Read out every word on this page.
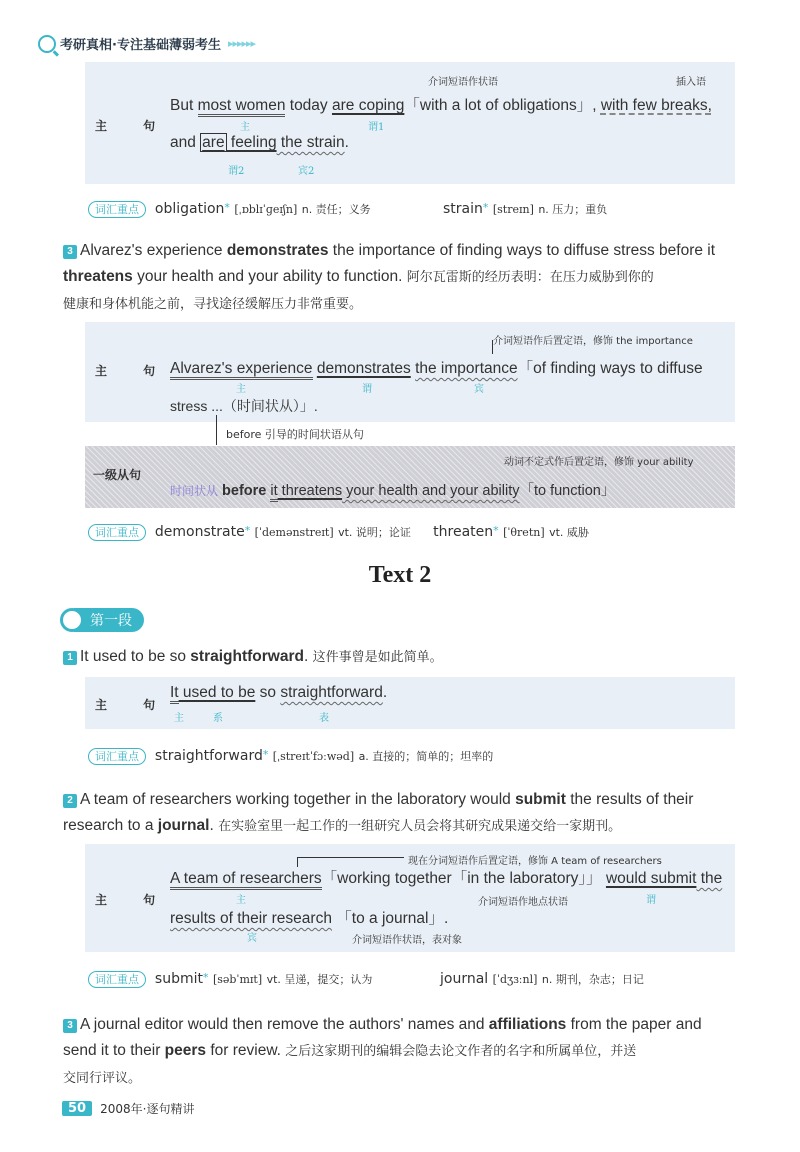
考研真相·专注基础薄弱考生 ▸▸▸▸▸▸
主 句
介词短语作状语	插入语
But most women today are coping「with a lot of obligations」, with few breaks,
主	谓1
and are feeling the strain.
谓2	宾2
词汇重点 obligation* [ˌɒblɪˈɡeɪʃn] n. 责任；义务	strain* [streɪn] n. 压力；重负
3 Alvarez's experience demonstrates the importance of finding ways to diffuse stress before it
threatens your health and your ability to function. 阿尔瓦雷斯的经历表明：在压力威胁到你的
健康和身体机能之前，寻找途径缓解压力非常重要。
主 句
介词短语作后置定语，修饰 the importance
Alvarez's experience demonstrates the importance「of finding ways to diffuse
主	谓	宾
stress ...（时间状从）」.
before 引导的时间状语从句
一级从句
动词不定式作后置定语，修饰 your ability
时间状从 before it threatens your health and your ability「to function」
词汇重点 demonstrate* [ˈdemənstreɪt] vt. 说明；论证 threaten* [ˈθretn] vt. 威胁
Text 2
第一段
1 It used to be so straightforward. 这件事曾是如此简单。
主 句
It used to be so straightforward.
主	系	表
词汇重点 straightforward* [ˌstreɪtˈfɔːwəd] a. 直接的；简单的；坦率的
2 A team of researchers working together in the laboratory would submit the results of their
research to a journal. 在实验室里一起工作的一组研究人员会将其研究成果递交给一家期刊。
主 句
现在分词短语作后置定语，修饰 A team of researchers
A team of researchers「working together「in the laboratory」」 would submit the
主	介词短语作地点状语	谓
results of their research 「to a journal」.
宾	介词短语作状语，表对象
词汇重点 submit* [səbˈmɪt] vt. 呈递，提交；认为	journal [ˈdʒɜːnl] n. 期刊，杂志；日记
3 A journal editor would then remove the authors' names and affiliations from the paper and
send it to their peers for review. 之后这家期刊的编辑会隐去论文作者的名字和所属单位，并送
交同行评议。
50	2008年·逐句精讲
